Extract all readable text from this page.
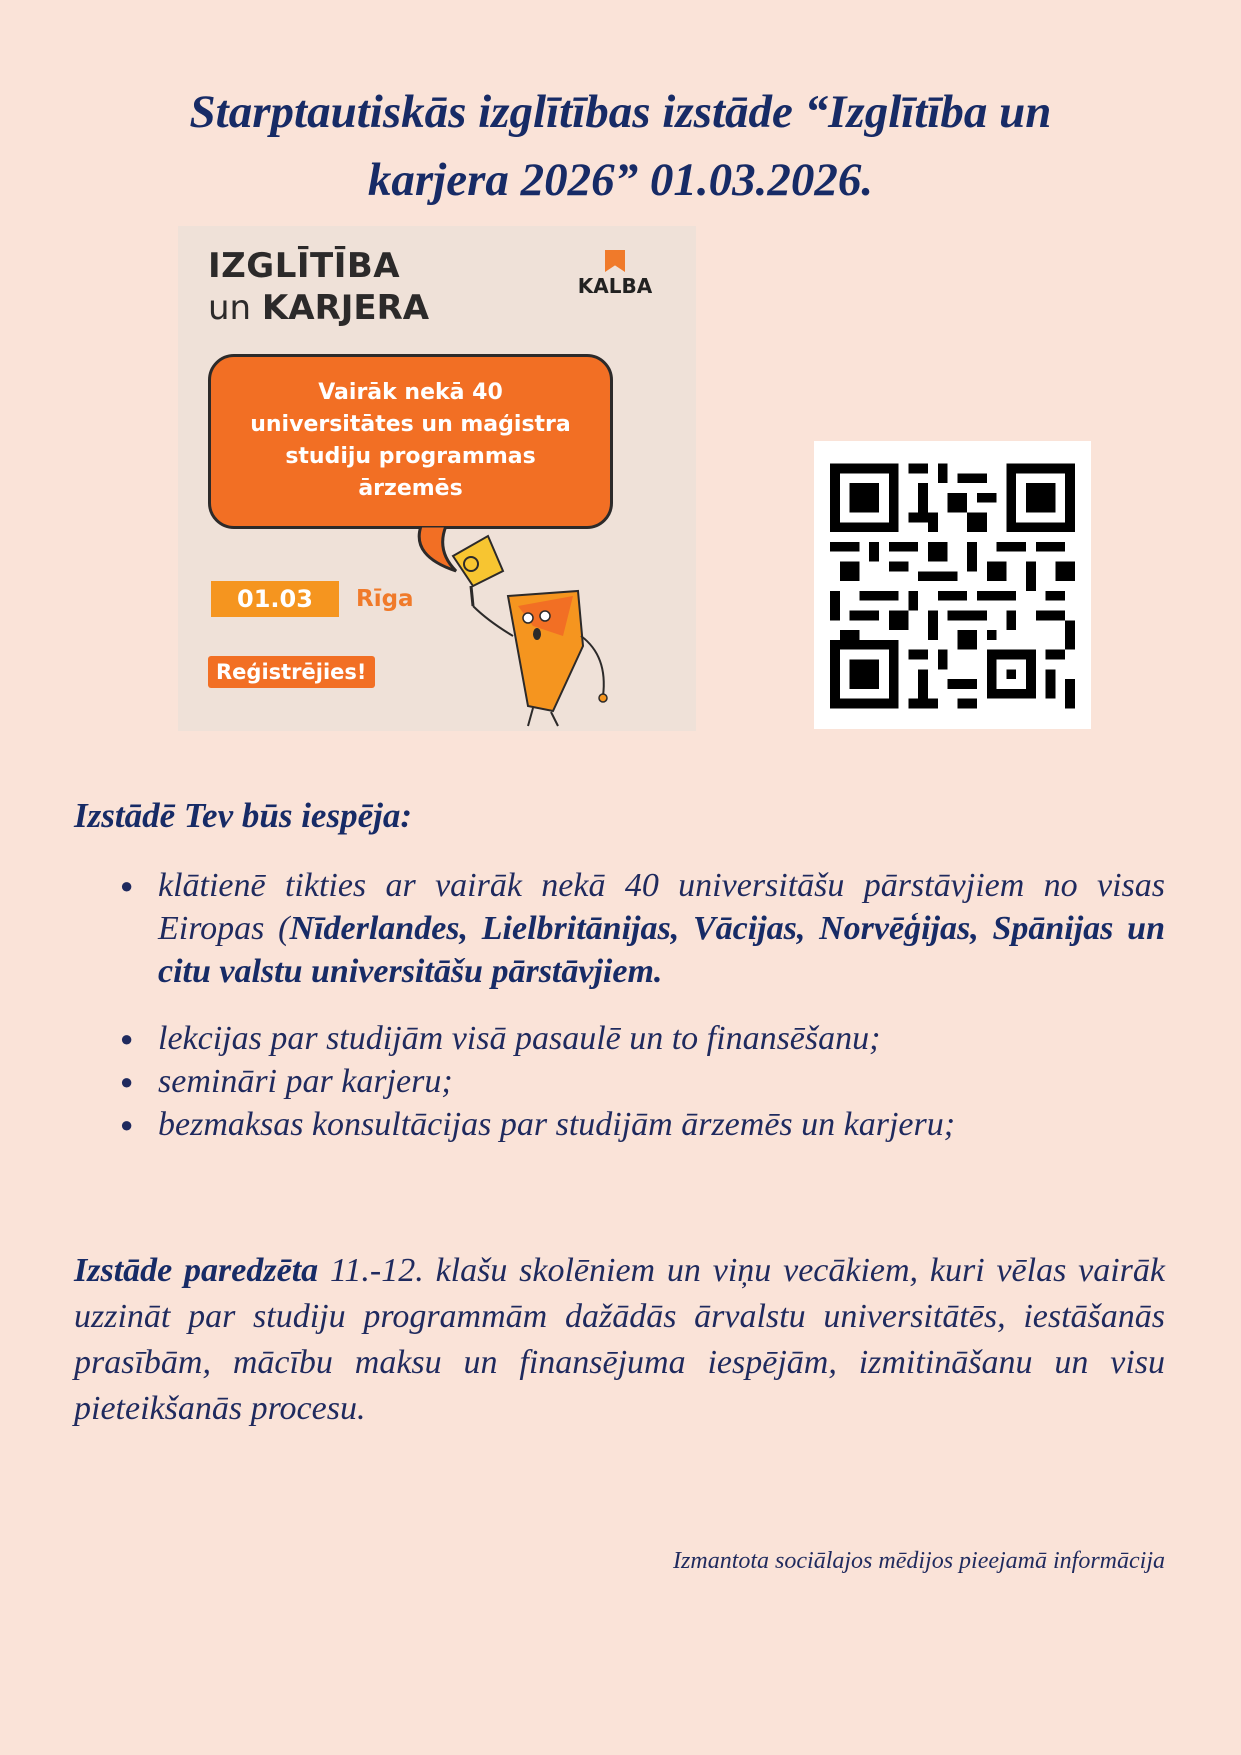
Starptautiskās izglītības izstāde “Izglītība un
karjera 2026” 01.03.2026.
IZGLĪTĪBA
un KARJERA
KALBA
Vairāk nekā 40
universitātes un maģistra
studiju programmas
ārzemēs
01.03	Rīga
Reģistrējies!
Izstādē Tev būs iespēja:
● klātienē tikties ar vairāk nekā 40 universitāšu pārstāvjiem no visas Eiropas (Nīderlandes, Lielbritānijas, Vācijas, Norvēģijas, Spānijas un citu valstu universitāšu pārstāvjiem.
● lekcijas par studijām visā pasaulē un to finansēšanu;
● semināri par karjeru;
● bezmaksas konsultācijas par studijām ārzemēs un karjeru;

Izstāde paredzēta 11.-12. klašu skolēniem un viņu vecākiem, kuri vēlas vairāk uzzināt par studiju programmām dažādās ārvalstu universitātēs, iestāšanās prasībām, mācību maksu un finansējuma iespējām, izmitināšanu un visu pieteikšanās procesu.

Izmantota sociālajos mēdijos pieejamā informācija
